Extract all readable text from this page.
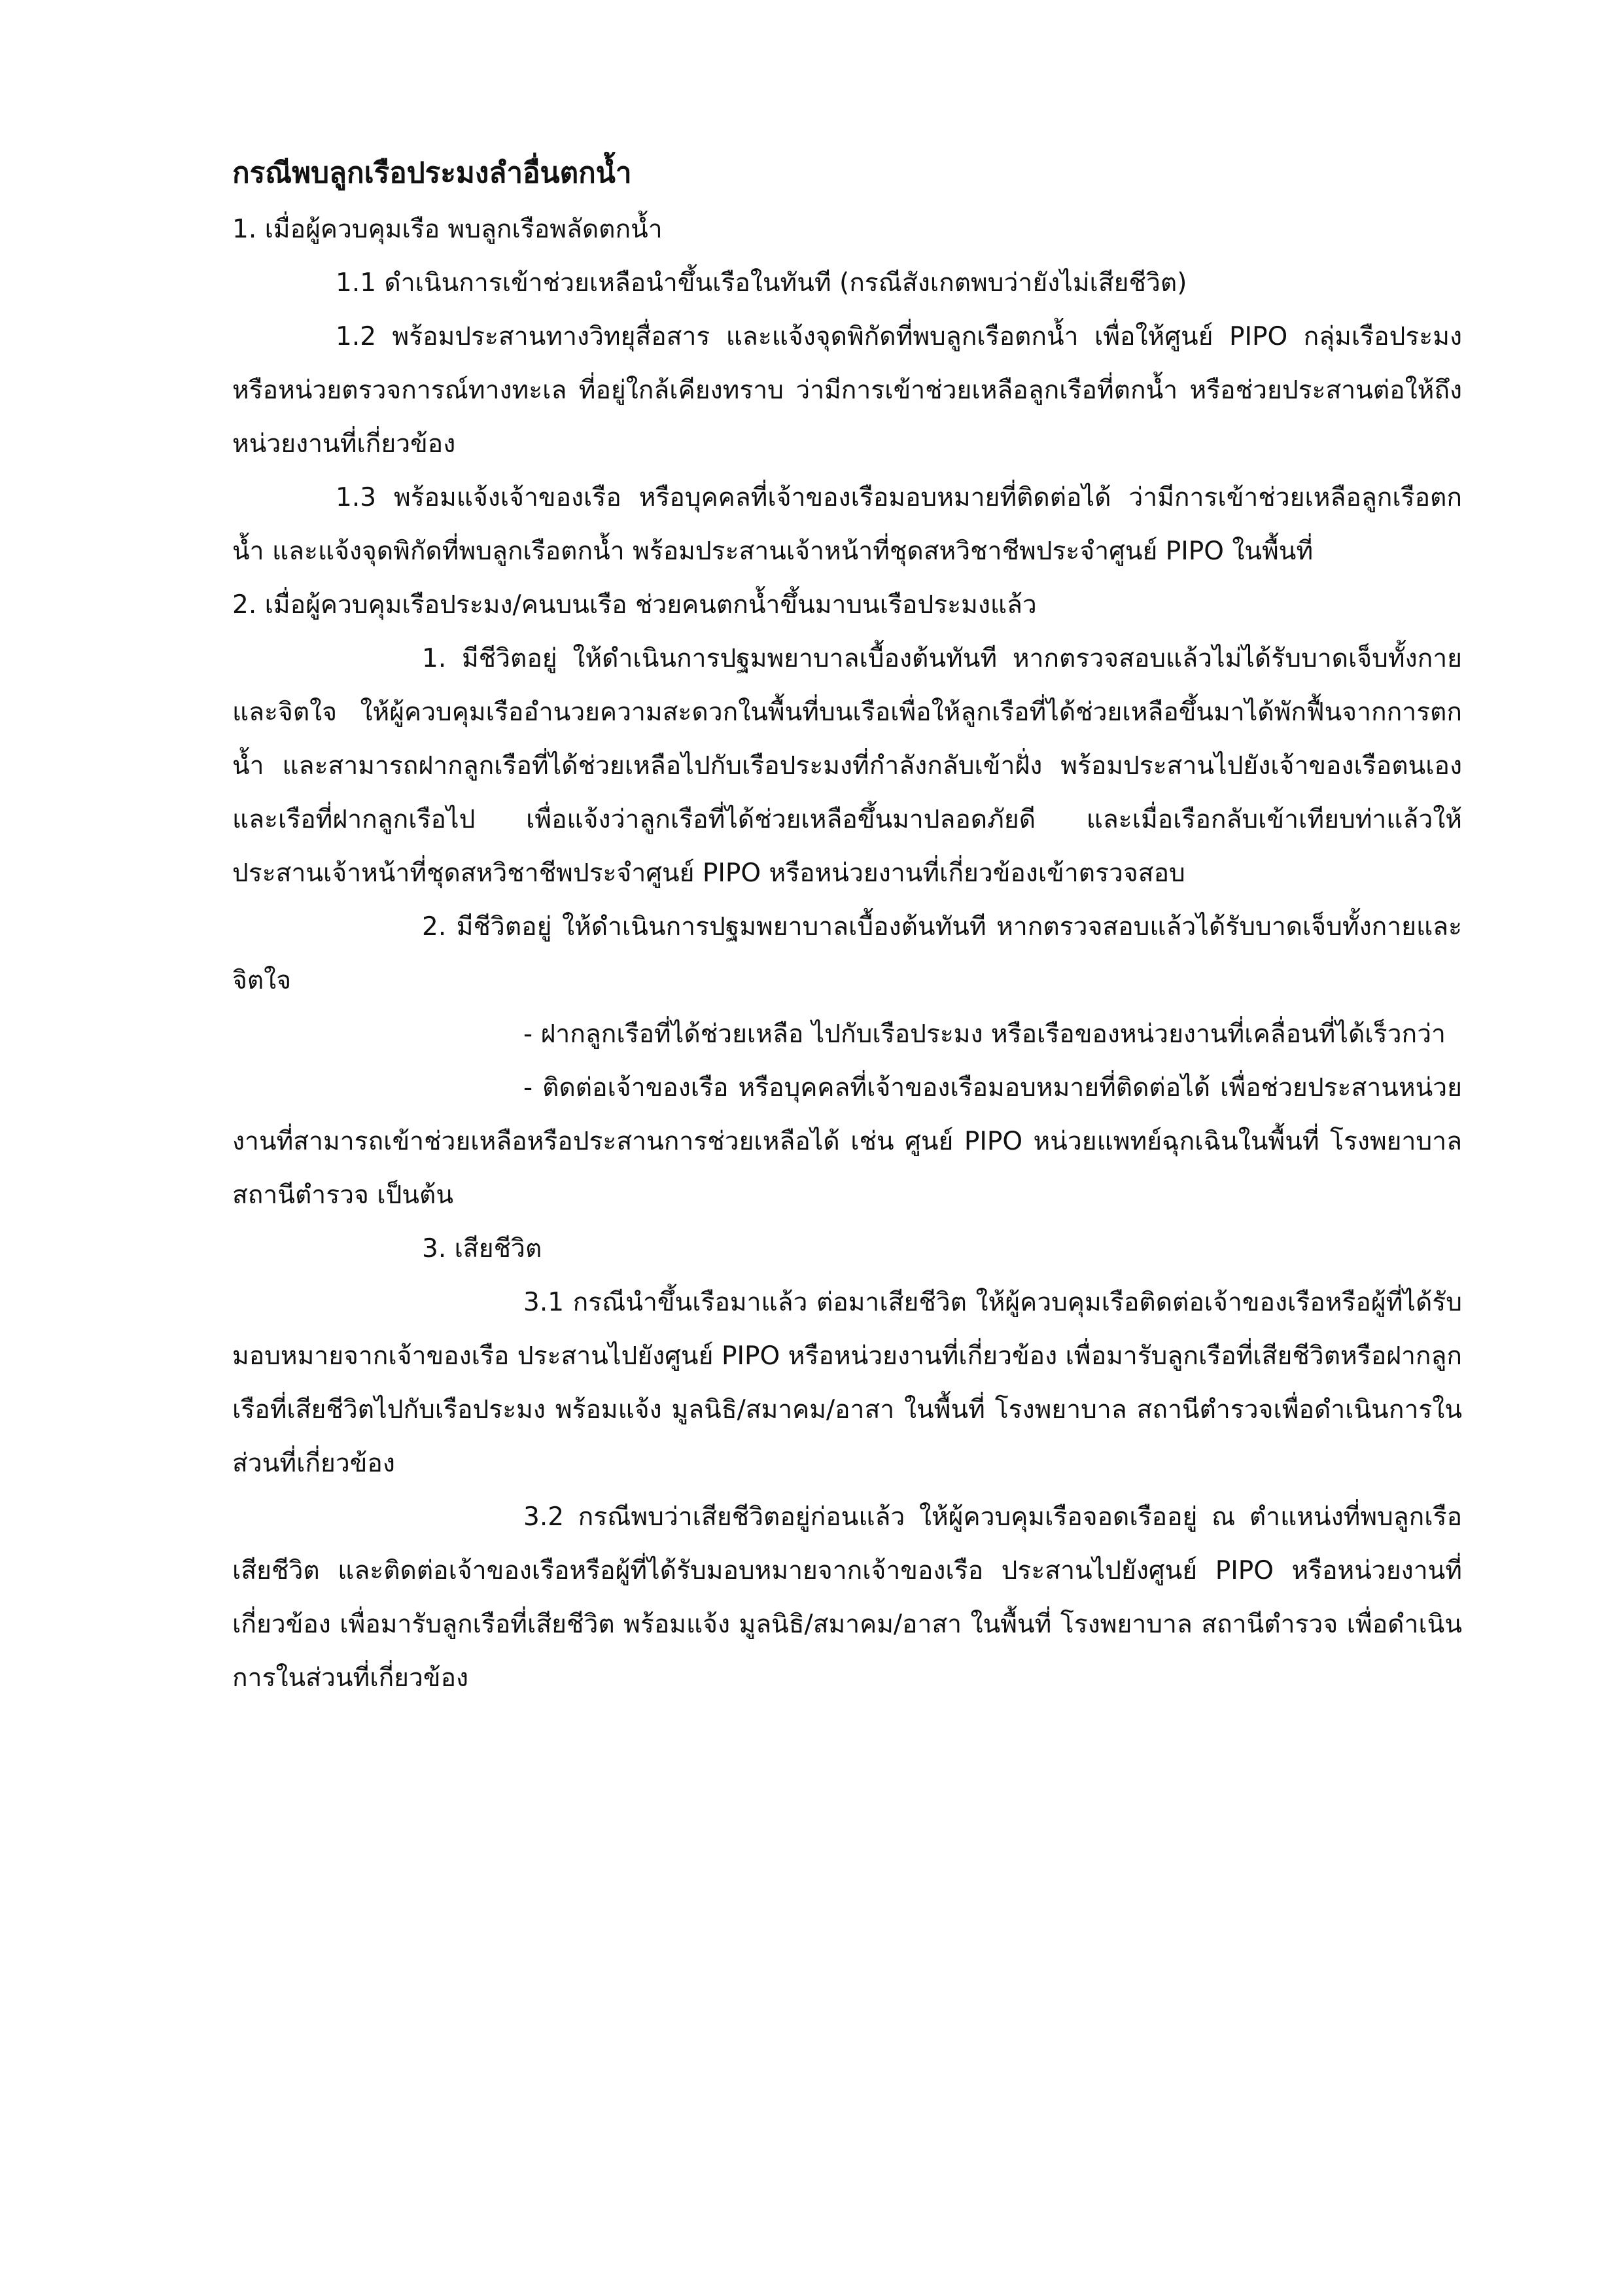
กรณีพบลูกเรือประมงลำอื่นตกน้ำ

1. เมื่อผู้ควบคุมเรือ พบลูกเรือพลัดตกน้ำ

1.1 ดำเนินการเข้าช่วยเหลือนำขึ้นเรือในทันที (กรณีสังเกตพบว่ายังไม่เสียชีวิต)

1.2 พร้อมประสานทางวิทยุสื่อสาร และแจ้งจุดพิกัดที่พบลูกเรือตกน้ำ เพื่อให้ศูนย์ PIPO กลุ่มเรือประมง หรือหน่วยตรวจการณ์ทางทะเล ที่อยู่ใกล้เคียงทราบ ว่ามีการเข้าช่วยเหลือลูกเรือที่ตกน้ำ หรือช่วยประสานต่อให้ถึงหน่วยงานที่เกี่ยวข้อง

1.3 พร้อมแจ้งเจ้าของเรือ หรือบุคคลที่เจ้าของเรือมอบหมายที่ติดต่อได้ ว่ามีการเข้าช่วยเหลือลูกเรือตกน้ำ และแจ้งจุดพิกัดที่พบลูกเรือตกน้ำ พร้อมประสานเจ้าหน้าที่ชุดสหวิชาชีพประจำศูนย์ PIPO ในพื้นที่

2. เมื่อผู้ควบคุมเรือประมง/คนบนเรือ ช่วยคนตกน้ำขึ้นมาบนเรือประมงแล้ว

1. มีชีวิตอยู่ ให้ดำเนินการปฐมพยาบาลเบื้องต้นทันที หากตรวจสอบแล้วไม่ได้รับบาดเจ็บทั้งกายและจิตใจ ให้ผู้ควบคุมเรืออำนวยความสะดวกในพื้นที่บนเรือเพื่อให้ลูกเรือที่ได้ช่วยเหลือขึ้นมาได้พักฟื้นจากการตกน้ำ และสามารถฝากลูกเรือที่ได้ช่วยเหลือไปกับเรือประมงที่กำลังกลับเข้าฝั่ง พร้อมประสานไปยังเจ้าของเรือตนเองและเรือที่ฝากลูกเรือไป เพื่อแจ้งว่าลูกเรือที่ได้ช่วยเหลือขึ้นมาปลอดภัยดี และเมื่อเรือกลับเข้าเทียบท่าแล้วให้ประสานเจ้าหน้าที่ชุดสหวิชาชีพประจำศูนย์ PIPO หรือหน่วยงานที่เกี่ยวข้องเข้าตรวจสอบ

2. มีชีวิตอยู่ ให้ดำเนินการปฐมพยาบาลเบื้องต้นทันที หากตรวจสอบแล้วได้รับบาดเจ็บทั้งกายและจิตใจ

- ฝากลูกเรือที่ได้ช่วยเหลือ ไปกับเรือประมง หรือเรือของหน่วยงานที่เคลื่อนที่ได้เร็วกว่า

- ติดต่อเจ้าของเรือ หรือบุคคลที่เจ้าของเรือมอบหมายที่ติดต่อได้ เพื่อช่วยประสานหน่วยงานที่สามารถเข้าช่วยเหลือหรือประสานการช่วยเหลือได้ เช่น ศูนย์ PIPO หน่วยแพทย์ฉุกเฉินในพื้นที่ โรงพยาบาล สถานีตำรวจ เป็นต้น

3. เสียชีวิต

3.1 กรณีนำขึ้นเรือมาแล้ว ต่อมาเสียชีวิต ให้ผู้ควบคุมเรือติดต่อเจ้าของเรือหรือผู้ที่ได้รับมอบหมายจากเจ้าของเรือ ประสานไปยังศูนย์ PIPO หรือหน่วยงานที่เกี่ยวข้อง เพื่อมารับลูกเรือที่เสียชีวิตหรือฝากลูกเรือที่เสียชีวิตไปกับเรือประมง พร้อมแจ้ง มูลนิธิ/สมาคม/อาสา ในพื้นที่ โรงพยาบาล สถานีตำรวจเพื่อดำเนินการในส่วนที่เกี่ยวข้อง

3.2 กรณีพบว่าเสียชีวิตอยู่ก่อนแล้ว ให้ผู้ควบคุมเรือจอดเรืออยู่ ณ ตำแหน่งที่พบลูกเรือเสียชีวิต และติดต่อเจ้าของเรือหรือผู้ที่ได้รับมอบหมายจากเจ้าของเรือ ประสานไปยังศูนย์ PIPO หรือหน่วยงานที่เกี่ยวข้อง เพื่อมารับลูกเรือที่เสียชีวิต พร้อมแจ้ง มูลนิธิ/สมาคม/อาสา ในพื้นที่ โรงพยาบาล สถานีตำรวจ เพื่อดำเนินการในส่วนที่เกี่ยวข้อง
